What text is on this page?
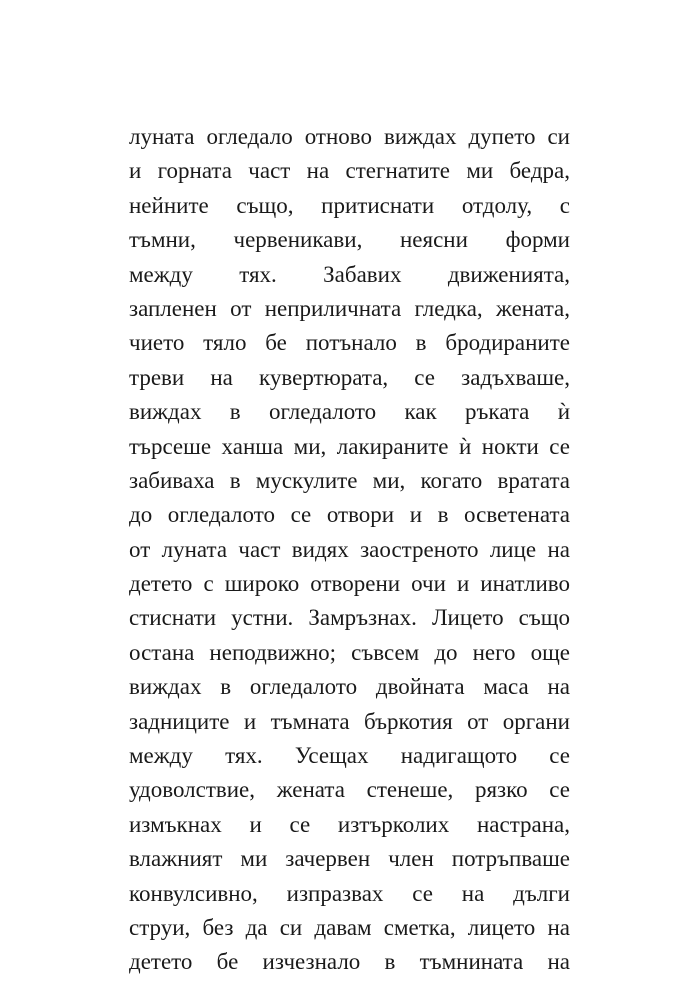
луната огледало отново виждах дупето си
и горната част на стегнатите ми бедра,
нейните също, притиснати отдолу, с
тъмни, червеникави, неясни форми
между тях. Забавих движенията,
запленен от неприличната гледка, жената,
чието тяло бе потънало в бродираните
треви на кувертюрата, се задъхваше,
виждах в огледалото как ръката ѝ
търсеше ханша ми, лакираните ѝ нокти се
забиваха в мускулите ми, когато вратата
до огледалото се отвори и в осветената
от луната част видях заостреното лице на
детето с широко отворени очи и инатливо
стиснати устни. Замръзнах. Лицето също
остана неподвижно; съвсем до него още
виждах в огледалото двойната маса на
задниците и тъмната бъркотия от органи
между тях. Усещах надигащото се
удоволствие, жената стенеше, рязко се
измъкнах и се изтърколих настрана,
влажният ми зачервен член потръпваше
конвулсивно, изпразвах се на дълги
струи, без да си давам сметка, лицето на
детето бе изчезнало в тъмнината на
